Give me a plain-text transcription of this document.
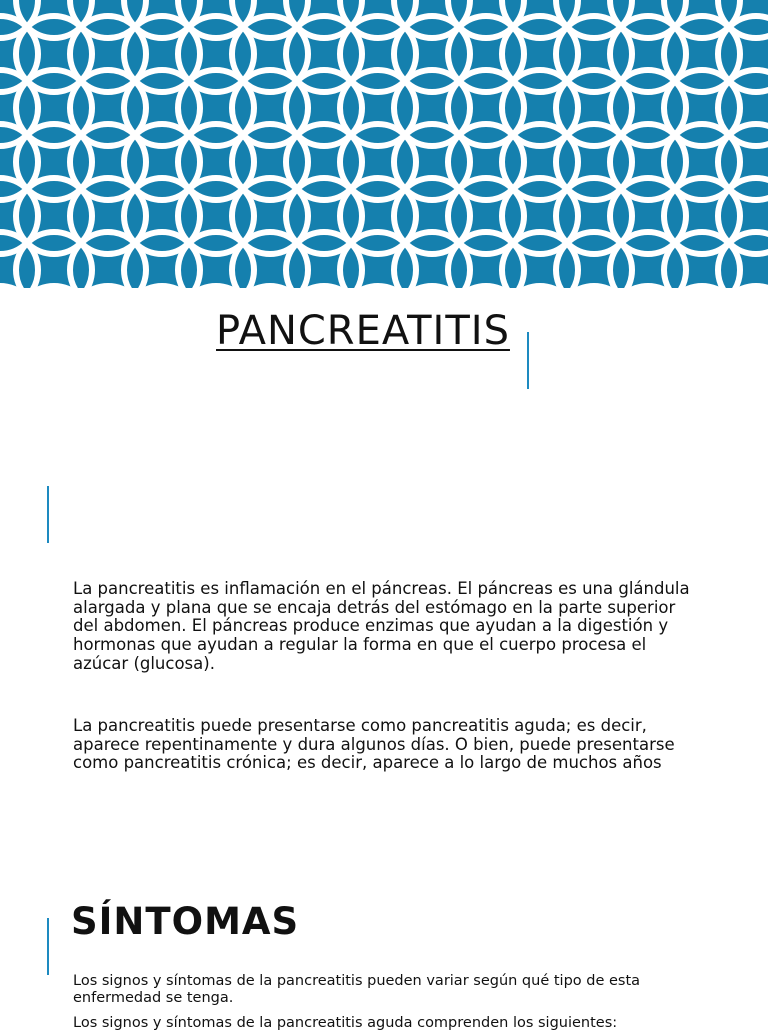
PANCREATITIS

La pancreatitis es inflamación en el páncreas. El páncreas es una glándula alargada y plana que se encaja detrás del estómago en la parte superior del abdomen. El páncreas produce enzimas que ayudan a la digestión y hormonas que ayudan a regular la forma en que el cuerpo procesa el azúcar (glucosa).

La pancreatitis puede presentarse como pancreatitis aguda; es decir, aparece repentinamente y dura algunos días. O bien, puede presentarse como pancreatitis crónica; es decir, aparece a lo largo de muchos años

SÍNTOMAS

Los signos y síntomas de la pancreatitis pueden variar según qué tipo de esta enfermedad se tenga.

Los signos y síntomas de la pancreatitis aguda comprenden los siguientes:
